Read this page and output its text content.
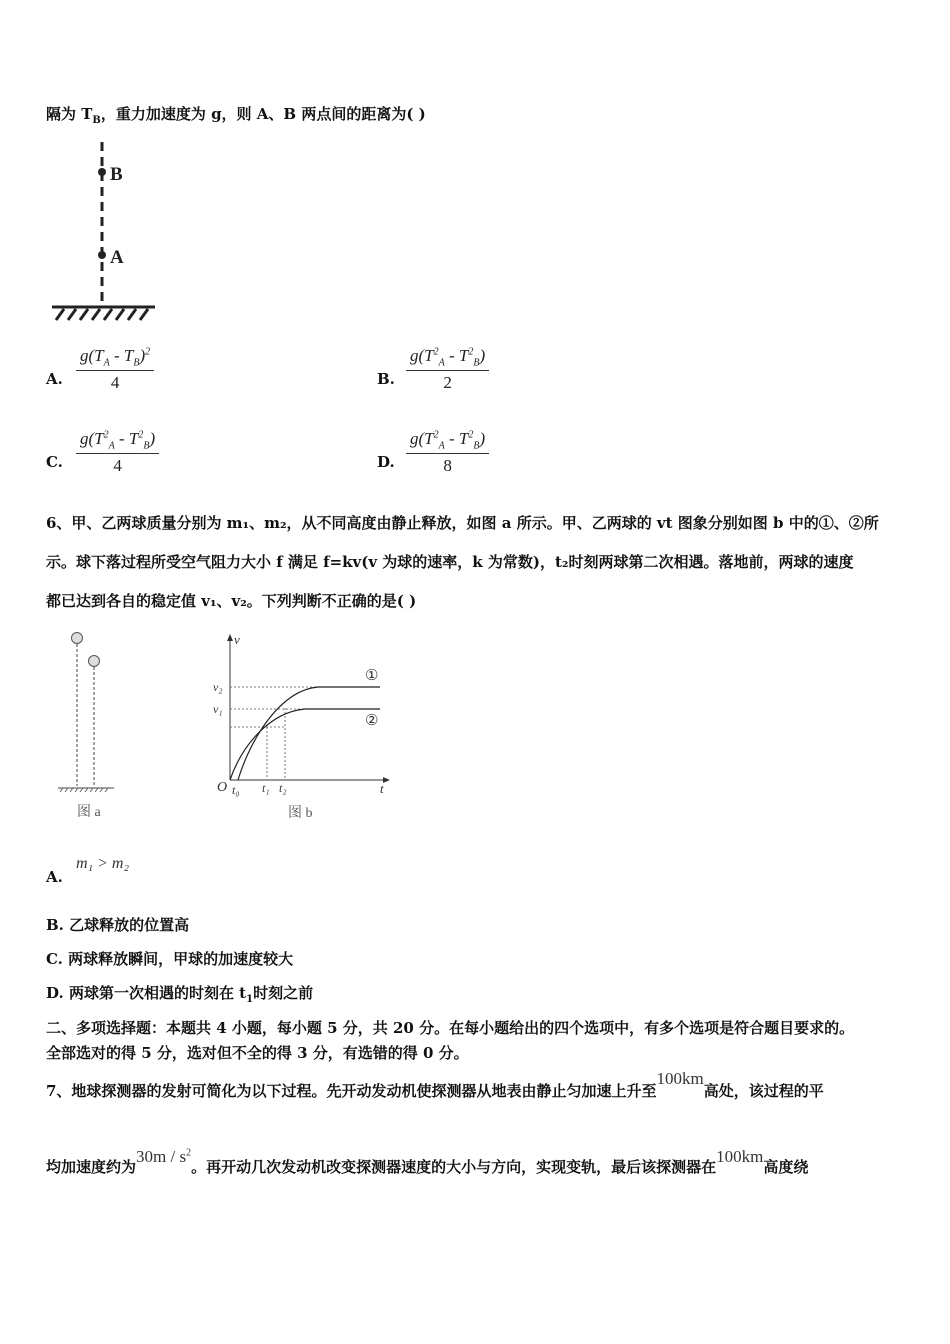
隔为 $T_B$，重力加速度为 g，则 A、B 两点间的距离为( )
B
A
A. $\frac{g(T_A - T_B)^2}{4}$	B. $\frac{g(T^2_A - T^2_B)}{2}$
C. $\frac{g(T^2_A - T^2_B)}{4}$	D. $\frac{g(T^2_A - T^2_B)}{8}$
6、甲、乙两球质量分别为 m₁、m₂，从不同高度由静止释放，如图 a 所示。甲、乙两球的 vt 图象分别如图 b 中的①、②所
示。球下落过程所受空气阻力大小 f 满足 f=kv(v 为球的速率，k 为常数)，t₂时刻两球第二次相遇。落地前，两球的速度
都已达到各自的稳定值 v₁、v₂。下列判断不正确的是( )
图 a
v
t
O
v₂
v₁
t₀ t₁ t₂
①
②
图 b
A.
m₁ > m₂
B. 乙球释放的位置高
C. 两球释放瞬间，甲球的加速度较大
D. 两球第一次相遇的时刻在 $t_1$时刻之前
二、多项选择题：本题共 4 小题，每小题 5 分，共 20 分。在每小题给出的四个选项中，有多个选项是符合题目要求的。
全部选对的得 5 分，选对但不全的得 3 分，有选错的得 0 分。
7、地球探测器的发射可简化为以下过程。先开动发动机使探测器从地表由静止匀加速上升至100km高处，该过程的平
均加速度约为$30m / s^2$。再开动几次发动机改变探测器速度的大小与方向，实现变轨，最后该探测器在100km高度绕
